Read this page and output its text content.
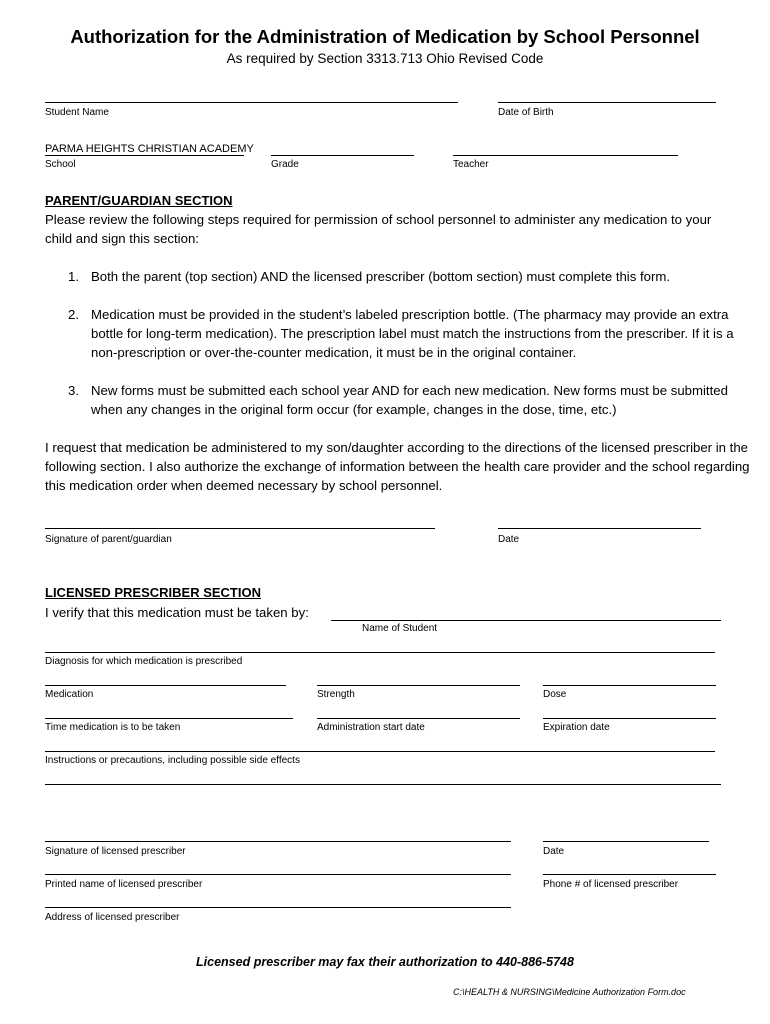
Authorization for the Administration of Medication by School Personnel
As required by Section 3313.713 Ohio Revised Code
Student Name	Date of Birth
PARMA HEIGHTS CHRISTIAN ACADEMY
School	Grade	Teacher
PARENT/GUARDIAN SECTION
Please review the following steps required for permission of school personnel to administer any medication to your child and sign this section:
1. Both the parent (top section) AND the licensed prescriber (bottom section) must complete this form.
2. Medication must be provided in the student’s labeled prescription bottle. (The pharmacy may provide an extra bottle for long-term medication). The prescription label must match the instructions from the prescriber. If it is a non-prescription or over-the-counter medication, it must be in the original container.
3. New forms must be submitted each school year AND for each new medication. New forms must be submitted when any changes in the original form occur (for example, changes in the dose, time, etc.)
I request that medication be administered to my son/daughter according to the directions of the licensed prescriber in the following section. I also authorize the exchange of information between the health care provider and the school regarding this medication order when deemed necessary by school personnel.
Signature of parent/guardian	Date
LICENSED PRESCRIBER SECTION
I verify that this medication must be taken by:
Name of Student
Diagnosis for which medication is prescribed
Medication	Strength	Dose
Time medication is to be taken	Administration start date	Expiration date
Instructions or precautions, including possible side effects
Signature of licensed prescriber	Date
Printed name of licensed prescriber	Phone # of licensed prescriber
Address of licensed prescriber
Licensed prescriber may fax their authorization to 440-886-5748
C:\HEALTH & NURSING\Medicine Authorization Form.doc
